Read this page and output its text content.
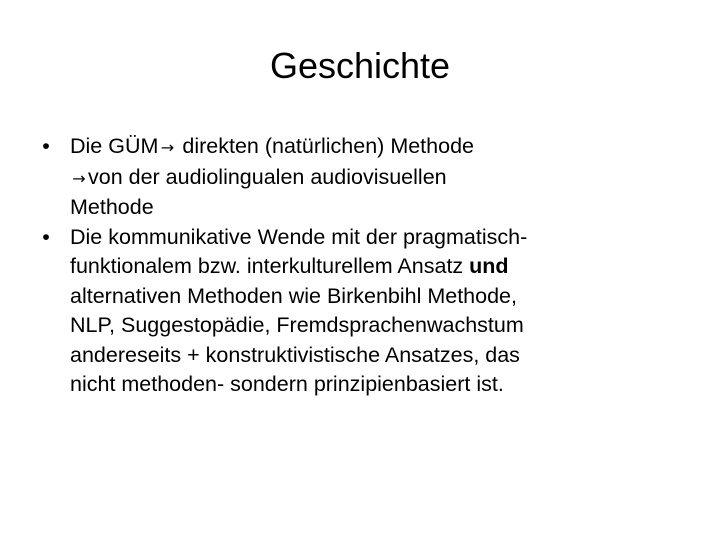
Geschichte
• Die GÜM → direkten (natürlichen) Methode
→ von der audiolingualen audiovisuellen
Methode
• Die kommunikative Wende mit der pragmatisch-
funktionalem bzw. interkulturellem Ansatz und
alternativen Methoden wie Birkenbihl Methode,
NLP, Suggestopädie, Fremdsprachenwachstum
andereseits + konstruktivistische Ansatzes, das
nicht methoden- sondern prinzipienbasiert ist.
